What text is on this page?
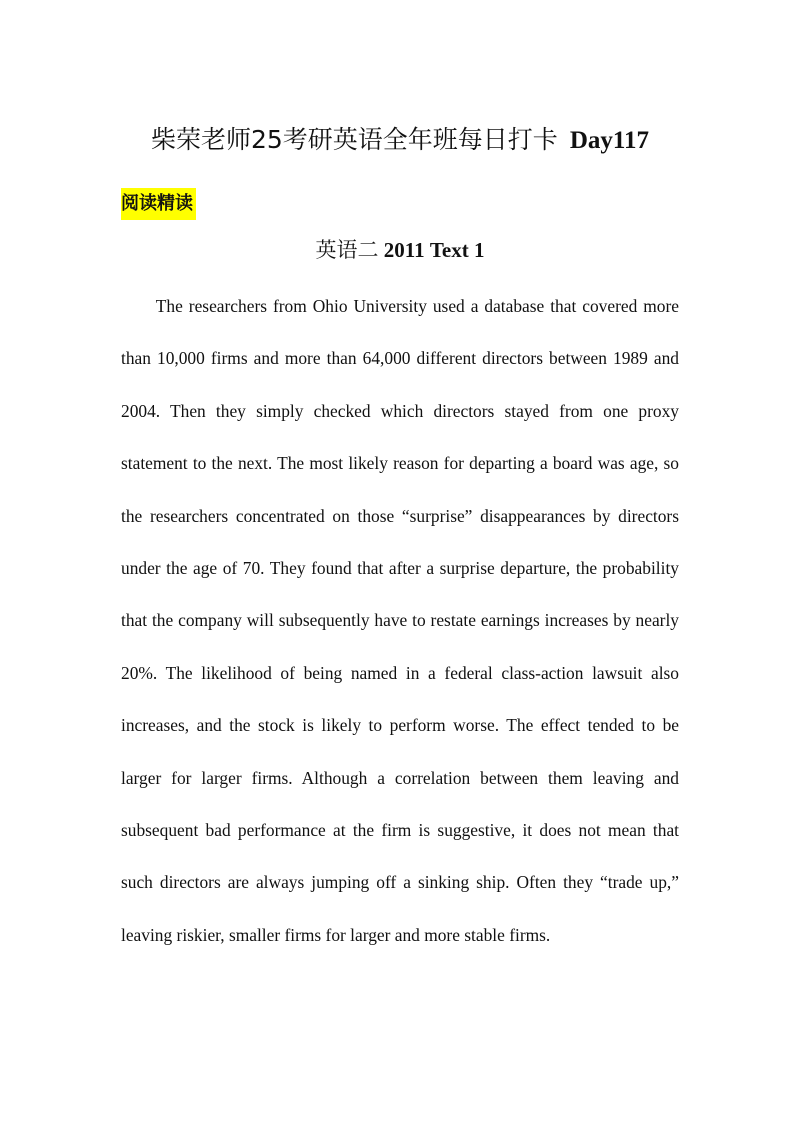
柴荣老师25考研英语全年班每日打卡 Day117
阅读精读
英语二 2011 Text 1

The researchers from Ohio University used a database that covered more than 10,000 firms and more than 64,000 different directors between 1989 and 2004. Then they simply checked which directors stayed from one proxy statement to the next. The most likely reason for departing a board was age, so the researchers concentrated on those “surprise” disappearances by directors under the age of 70. They found that after a surprise departure, the probability that the company will subsequently have to restate earnings increases by nearly 20%. The likelihood of being named in a federal class-action lawsuit also increases, and the stock is likely to perform worse. The effect tended to be larger for larger firms. Although a correlation between them leaving and subsequent bad performance at the firm is suggestive, it does not mean that such directors are always jumping off a sinking ship. Often they “trade up,” leaving riskier, smaller firms for larger and more stable firms.
